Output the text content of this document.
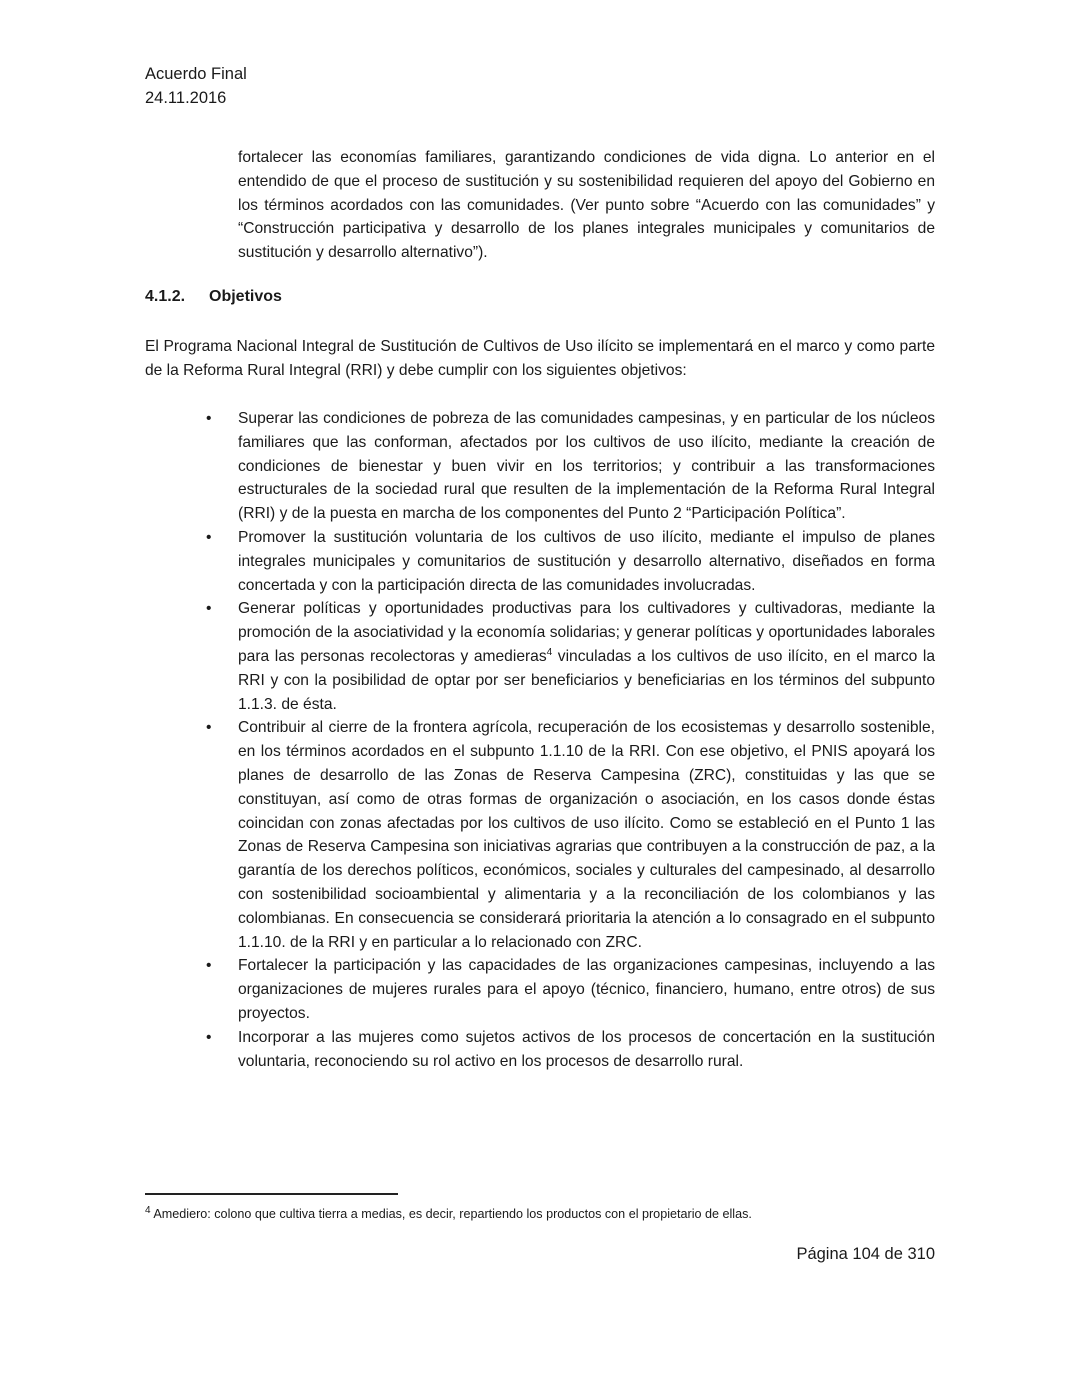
Acuerdo Final
24.11.2016

fortalecer las economías familiares, garantizando condiciones de vida digna. Lo anterior en el entendido de que el proceso de sustitución y su sostenibilidad requieren del apoyo del Gobierno en los términos acordados con las comunidades. (Ver punto sobre “Acuerdo con las comunidades” y “Construcción participativa y desarrollo de los planes integrales municipales y comunitarios de sustitución y desarrollo alternativo”).

4.1.2. Objetivos

El Programa Nacional Integral de Sustitución de Cultivos de Uso ilícito se implementará en el marco y como parte de la Reforma Rural Integral (RRI) y debe cumplir con los siguientes objetivos:

• Superar las condiciones de pobreza de las comunidades campesinas, y en particular de los núcleos familiares que las conforman, afectados por los cultivos de uso ilícito, mediante la creación de condiciones de bienestar y buen vivir en los territorios; y contribuir a las transformaciones estructurales de la sociedad rural que resulten de la implementación de la Reforma Rural Integral (RRI) y de la puesta en marcha de los componentes del Punto 2 “Participación Política”.
• Promover la sustitución voluntaria de los cultivos de uso ilícito, mediante el impulso de planes integrales municipales y comunitarios de sustitución y desarrollo alternativo, diseñados en forma concertada y con la participación directa de las comunidades involucradas.
• Generar políticas y oportunidades productivas para los cultivadores y cultivadoras, mediante la promoción de la asociatividad y la economía solidarias; y generar políticas y oportunidades laborales para las personas recolectoras y amedieras$^4$ vinculadas a los cultivos de uso ilícito, en el marco la RRI y con la posibilidad de optar por ser beneficiarios y beneficiarias en los términos del subpunto 1.1.3. de ésta.
• Contribuir al cierre de la frontera agrícola, recuperación de los ecosistemas y desarrollo sostenible, en los términos acordados en el subpunto 1.1.10 de la RRI. Con ese objetivo, el PNIS apoyará los planes de desarrollo de las Zonas de Reserva Campesina (ZRC), constituidas y las que se constituyan, así como de otras formas de organización o asociación, en los casos donde éstas coincidan con zonas afectadas por los cultivos de uso ilícito. Como se estableció en el Punto 1 las Zonas de Reserva Campesina son iniciativas agrarias que contribuyen a la construcción de paz, a la garantía de los derechos políticos, económicos, sociales y culturales del campesinado, al desarrollo con sostenibilidad socioambiental y alimentaria y a la reconciliación de los colombianos y las colombianas. En consecuencia se considerará prioritaria la atención a lo consagrado en el subpunto 1.1.10. de la RRI y en particular a lo relacionado con ZRC.
• Fortalecer la participación y las capacidades de las organizaciones campesinas, incluyendo a las organizaciones de mujeres rurales para el apoyo (técnico, financiero, humano, entre otros) de sus proyectos.
• Incorporar a las mujeres como sujetos activos de los procesos de concertación en la sustitución voluntaria, reconociendo su rol activo en los procesos de desarrollo rural.
$^4$ Amediero: colono que cultiva tierra a medias, es decir, repartiendo los productos con el propietario de ellas.
Página 104 de 310
